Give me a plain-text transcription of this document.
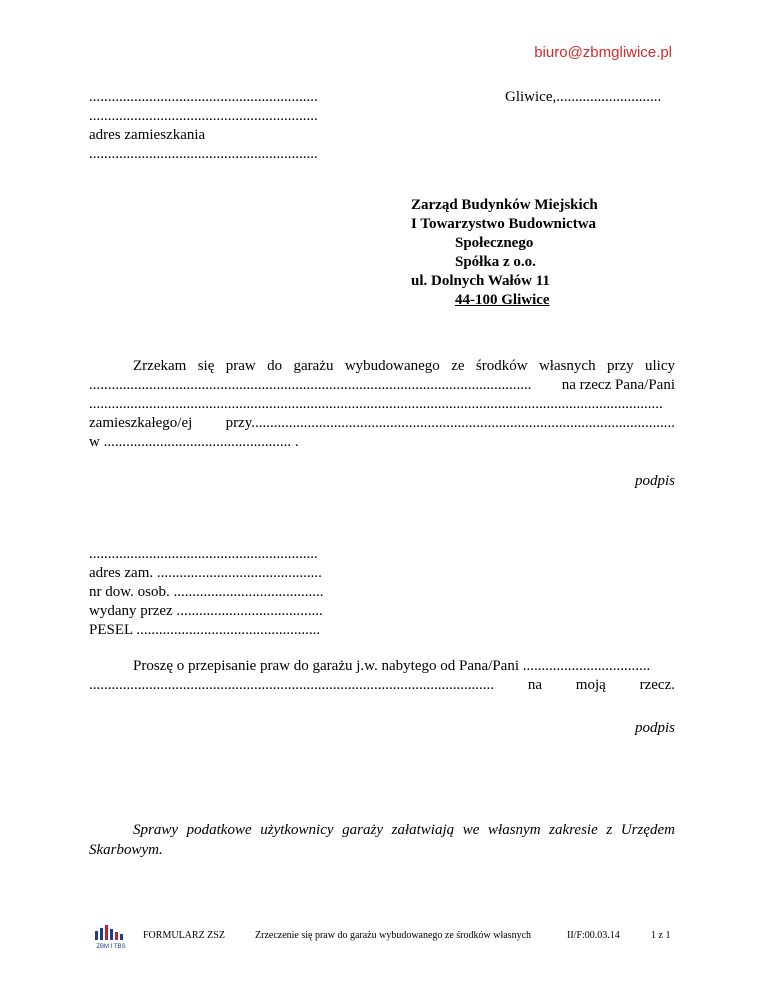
biuro@zbmgliwice.pl
.............................................................
.............................................................
adres zamieszkania
.............................................................
Gliwice,............................
Zarząd Budynków Miejskich
I Towarzystwo Budownictwa
Społecznego
Spółka z o.o.
ul. Dolnych Wałów 11
44-100 Gliwice
Zrzekam się praw do garażu wybudowanego ze środków własnych przy ulicy
...................................................................................................................... na rzecz Pana/Pani
.........................................................................................................................................................
zamieszkałego/ej przy.................................................................................................................
w .................................................. .
podpis
.............................................................
adres zam. ............................................
nr dow. osob. ........................................
wydany przez .......................................
PESEL .................................................
Proszę o przepisanie praw do garażu j.w. nabytego od Pana/Pani ..................................
............................................................................................................ na moją rzecz.
podpis
Sprawy podatkowe użytkownicy garaży załatwiają we własnym zakresie z Urzędem Skarbowym.
ZBM I TBS
FORMULARZ ZSZ	Zrzeczenie się praw do garażu wybudowanego ze środków własnych	II/F:00.03.14	1 z 1
